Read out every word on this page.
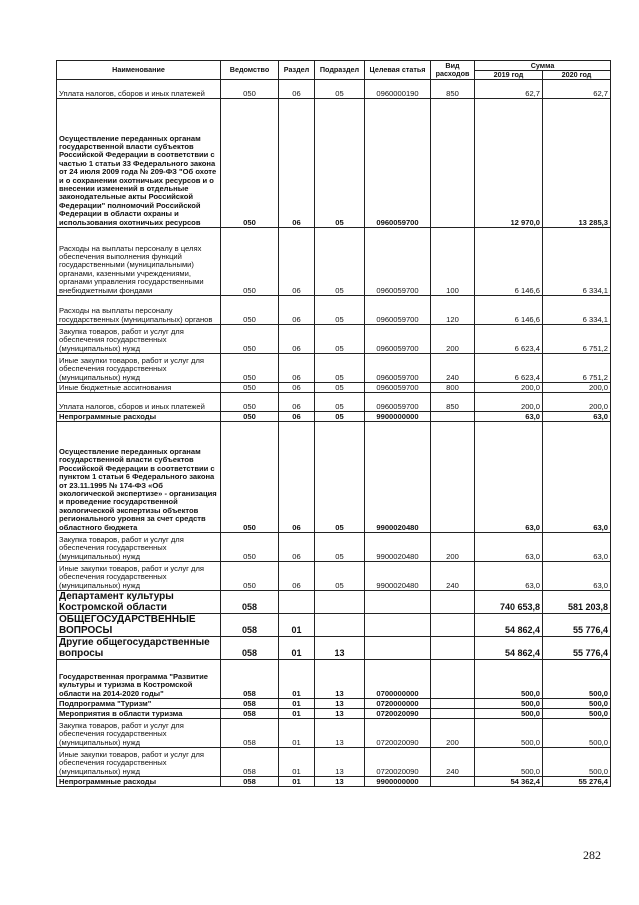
Наименование	Ведомство	Раздел	Подраздел	Целевая статья	Вид расходов	Сумма	
						2019 год	2020 год
Уплата налогов, сборов и иных платежей	050	06	05	0960000190	850	62,7	62,7
Осуществление переданных органам государственной власти субъектов Российской Федерации в соответствии с частью 1 статьи 33 Федерального закона от 24 июля 2009 года № 209-ФЗ "Об охоте и о сохранении охотничьих ресурсов и о внесении изменений в отдельные законодательные акты Российской Федерации" полномочий Российской Федерации в области охраны и использования охотничьих ресурсов	050	06	05	0960059700		12 970,0	13 285,3
Расходы на выплаты персоналу в целях обеспечения выполнения функций государственными (муниципальными) органами, казенными учреждениями, органами управления государственными внебюджетными фондами	050	06	05	0960059700	100	6 146,6	6 334,1
Расходы на выплаты персоналу государственных (муниципальных) органов	050	06	05	0960059700	120	6 146,6	6 334,1
Закупка товаров, работ и услуг для обеспечения государственных (муниципальных) нужд	050	06	05	0960059700	200	6 623,4	6 751,2
Иные закупки товаров, работ и услуг для обеспечения государственных (муниципальных) нужд	050	06	05	0960059700	240	6 623,4	6 751,2
Иные бюджетные ассигнования	050	06	05	0960059700	800	200,0	200,0
Уплата налогов, сборов и иных платежей	050	06	05	0960059700	850	200,0	200,0
Непрограммные расходы	050	06	05	9900000000		63,0	63,0
Осуществление переданных органам государственной власти субъектов Российской Федерации в соответствии с пунктом 1 статьи 6 Федерального закона от 23.11.1995 № 174-ФЗ «Об экологической экспертизе» - организация и проведение государственной экологической экспертизы объектов регионального уровня за счет средств областного бюджета	050	06	05	9900020480		63,0	63,0
Закупка товаров, работ и услуг для обеспечения государственных (муниципальных) нужд	050	06	05	9900020480	200	63,0	63,0
Иные закупки товаров, работ и услуг для обеспечения государственных (муниципальных) нужд	050	06	05	9900020480	240	63,0	63,0
Департамент культуры Костромской области	058					740 653,8	581 203,8
ОБЩЕГОСУДАРСТВЕННЫЕ ВОПРОСЫ	058	01				54 862,4	55 776,4
Другие общегосударственные вопросы	058	01	13			54 862,4	55 776,4
Государственная программа "Развитие культуры и туризма в Костромской области на 2014-2020 годы"	058	01	13	0700000000		500,0	500,0
Подпрограмма "Туризм"	058	01	13	0720000000		500,0	500,0
Мероприятия в области туризма	058	01	13	0720020090		500,0	500,0
Закупка товаров, работ и услуг для обеспечения государственных (муниципальных) нужд	058	01	13	0720020090	200	500,0	500,0
Иные закупки товаров, работ и услуг для обеспечения государственных (муниципальных) нужд	058	01	13	0720020090	240	500,0	500,0
Непрограммные расходы	058	01	13	9900000000		54 362,4	55 276,4
282
